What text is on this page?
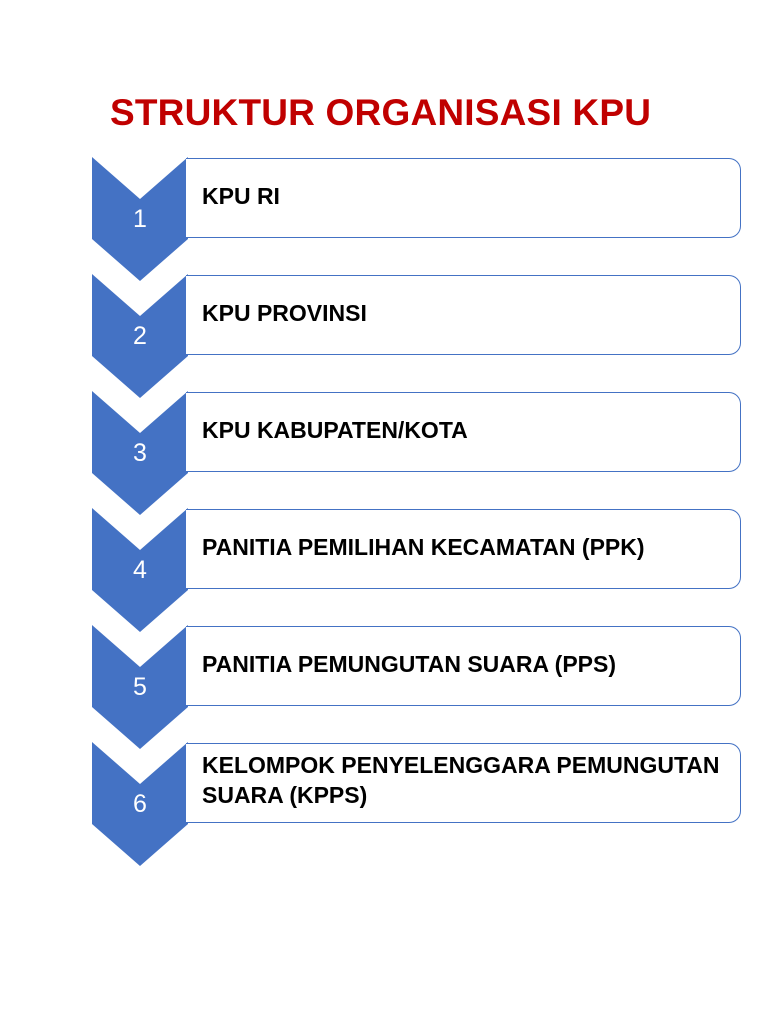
STRUKTUR ORGANISASI KPU
1

KPU RI

2

KPU PROVINSI

3

KPU KABUPATEN/KOTA

4

PANITIA PEMILIHAN KECAMATAN (PPK)

5

PANITIA PEMUNGUTAN SUARA (PPS)

6

KELOMPOK PENYELENGGARA PEMUNGUTAN SUARA (KPPS)
